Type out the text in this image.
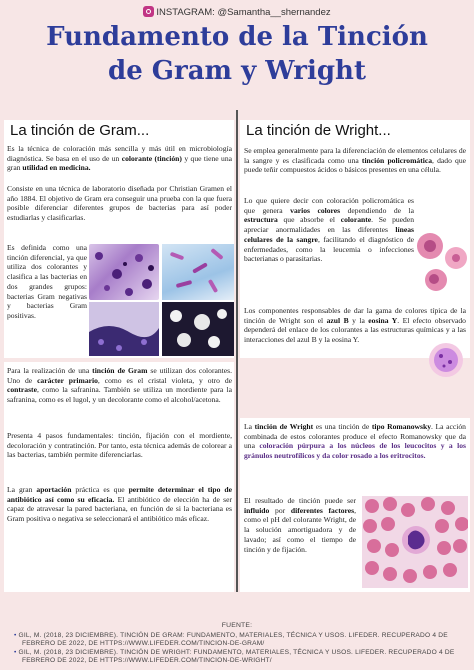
INSTAGRAM: @Samantha__shernandez
Fundamento de la Tinción
de Gram y Wright
La tinción de Gram...	La tinción de Wright...

Es la técnica de coloración más sencilla y más útil en microbiología diagnóstica. Se basa en el uso de un colorante (tinción) y que tiene una gran utilidad en medicina.

Consiste en una técnica de laboratorio diseñada por Christian Gramen el año 1884. El objetivo de Gram era conseguir una prueba con la que fuera posible diferenciar diferentes grupos de bacterias para así poder estudiarlas y clasificarlas.

Es definida como una tinción diferencial, ya que utiliza dos colorantes y clasifica a las bacterias en dos grandes grupos: bacterias Gram negativas y bacterias Gram positivas.

Para la realización de una tinción de Gram se utilizan dos colorantes. Uno de carácter primario, como es el cristal violeta, y otro de contraste, como la safranina. También se utiliza un mordiente para la safranina, como es el lugol, y un decolorante como el alcohol/acetona.

Presenta 4 pasos fundamentales: tinción, fijación con el mordiente, decoloración y contratinción. Por tanto, esta técnica además de colorear a las bacterias, también permite diferenciarlas.

La gran aportación práctica es que permite determinar el tipo de antibiótico así como su eficacia. El antibiótico de elección ha de ser capaz de atravesar la pared bacteriana, en función de si la bacteriana es Gram positiva o negativa se seleccionará el antibiótico más eficaz.

Se emplea generalmente para la diferenciación de elementos celulares de la sangre y es clasificada como una tinción policromática, dado que puede teñir compuestos ácidos o básicos presentes en una célula.

Lo que quiere decir con coloración policromática es que genera varios colores dependiendo de la estructura que absorbe el colorante. Se pueden apreciar anormalidades en las diferentes líneas celulares de la sangre, facilitando el diagnóstico de enfermedades, como la leucemia o infecciones bacterianas o parasitarias.

Los componentes responsables de dar la gama de colores típica de la tinción de Wright son el azul B y la eosina Y. El efecto observado dependerá del enlace de los colorantes a las estructuras químicas y a las interacciones del azul B y la eosina Y.

La tinción de Wright es una tinción de tipo Romanowsky. La acción combinada de estos colorantes produce el efecto Romanowsky que da una coloración púrpura a los núcleos de los leucocitos y a los gránulos neutrofílicos y da color rosado a los eritrocitos.

El resultado de tinción puede ser influido por diferentes factores, como el pH del colorante Wright, de la solución amortiguadora y de lavado; así como el tiempo de tinción y de fijación.

FUENTE:
• GIL, M. (2018, 23 DICIEMBRE). TINCIÓN DE GRAM: FUNDAMENTO, MATERIALES, TÉCNICA Y USOS. LIFEDER. RECUPERADO 4 DE FEBRERO DE 2022, DE HTTPS://WWW.LIFEDER.COM/TINCION-DE-GRAM/
• GIL, M. (2018, 23 DICIEMBRE). TINCIÓN DE WRIGHT: FUNDAMENTO, MATERIALES, TÉCNICA Y USOS. LIFEDER. RECUPERADO 4 DE FEBRERO DE 2022, DE HTTPS://WWW.LIFEDER.COM/TINCION-DE-WRIGHT/
